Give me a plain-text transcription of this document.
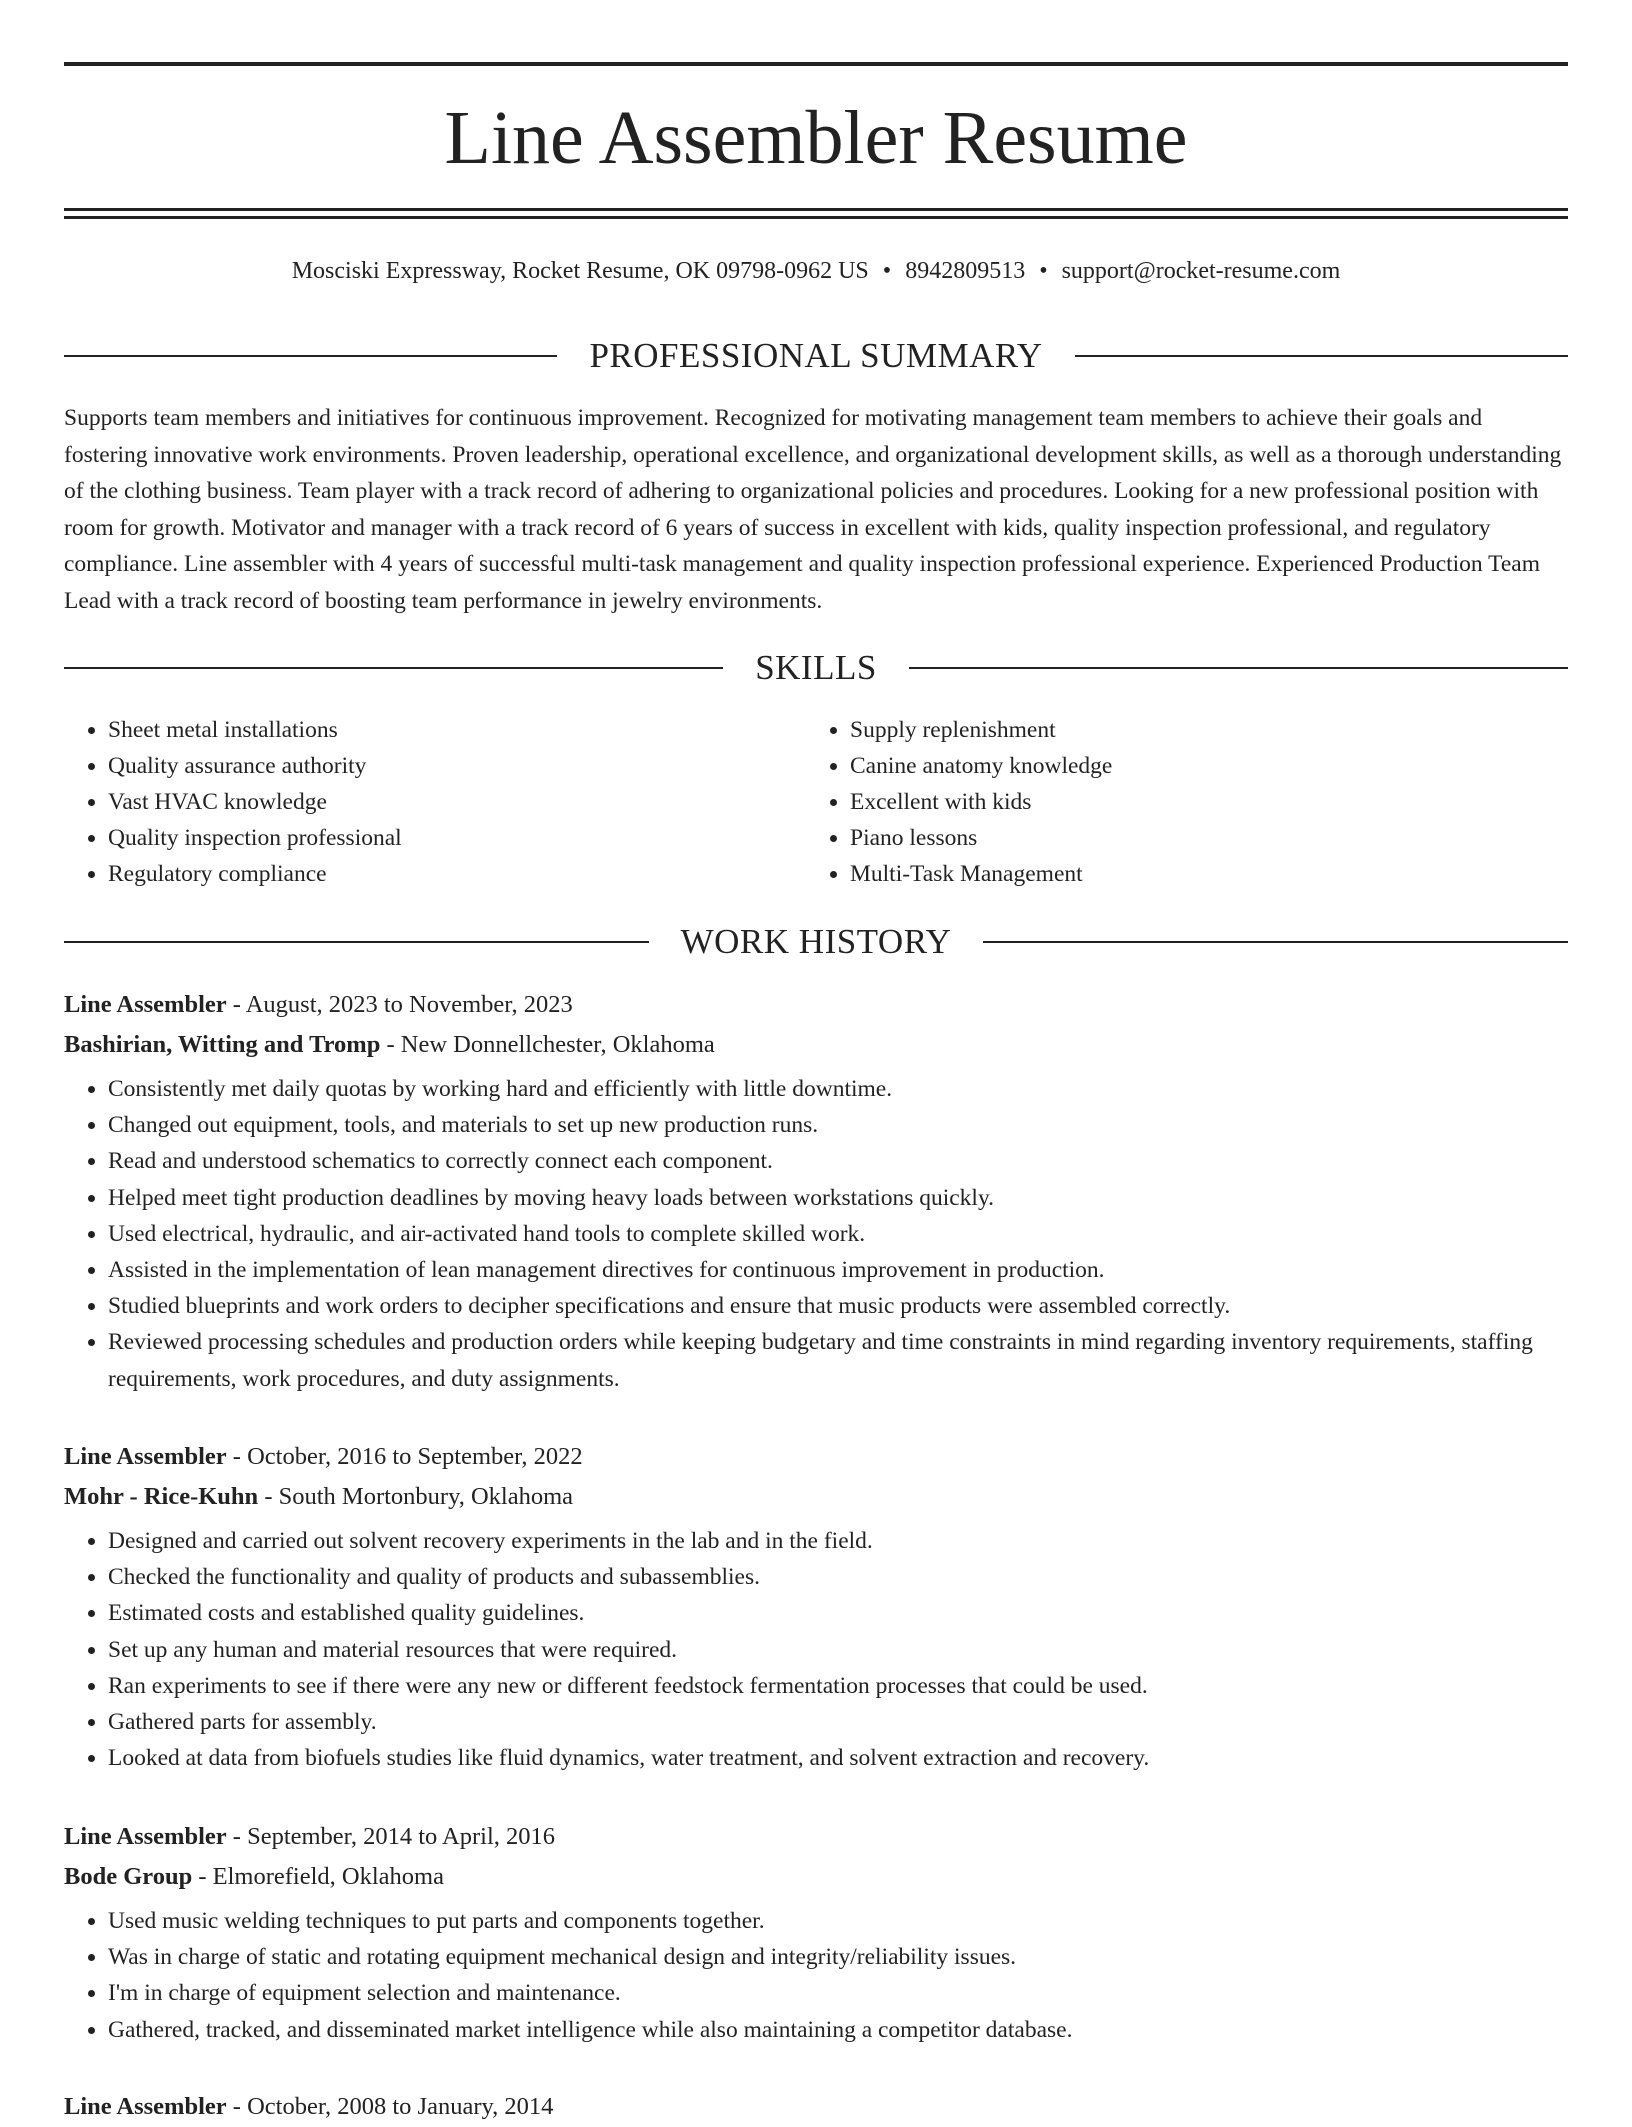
Line Assembler Resume
Mosciski Expressway, Rocket Resume, OK 09798-0962 US • 8942809513 • support@rocket-resume.com
PROFESSIONAL SUMMARY

Supports team members and initiatives for continuous improvement. Recognized for motivating management team members to achieve their goals and fostering innovative work environments. Proven leadership, operational excellence, and organizational development skills, as well as a thorough understanding of the clothing business. Team player with a track record of adhering to organizational policies and procedures. Looking for a new professional position with room for growth. Motivator and manager with a track record of 6 years of success in excellent with kids, quality inspection professional, and regulatory compliance. Line assembler with 4 years of successful multi-task management and quality inspection professional experience. Experienced Production Team Lead with a track record of boosting team performance in jewelry environments.

SKILLS
• Sheet metal installations
• Quality assurance authority
• Vast HVAC knowledge
• Quality inspection professional
• Regulatory compliance
• Supply replenishment
• Canine anatomy knowledge
• Excellent with kids
• Piano lessons
• Multi-Task Management
WORK HISTORY
Line Assembler - August, 2023 to November, 2023
Bashirian, Witting and Tromp - New Donnellchester, Oklahoma
• Consistently met daily quotas by working hard and efficiently with little downtime.
• Changed out equipment, tools, and materials to set up new production runs.
• Read and understood schematics to correctly connect each component.
• Helped meet tight production deadlines by moving heavy loads between workstations quickly.
• Used electrical, hydraulic, and air-activated hand tools to complete skilled work.
• Assisted in the implementation of lean management directives for continuous improvement in production.
• Studied blueprints and work orders to decipher specifications and ensure that music products were assembled correctly.
• Reviewed processing schedules and production orders while keeping budgetary and time constraints in mind regarding inventory requirements, staffing requirements, work procedures, and duty assignments.
Line Assembler - October, 2016 to September, 2022
Mohr - Rice-Kuhn - South Mortonbury, Oklahoma
• Designed and carried out solvent recovery experiments in the lab and in the field.
• Checked the functionality and quality of products and subassemblies.
• Estimated costs and established quality guidelines.
• Set up any human and material resources that were required.
• Ran experiments to see if there were any new or different feedstock fermentation processes that could be used.
• Gathered parts for assembly.
• Looked at data from biofuels studies like fluid dynamics, water treatment, and solvent extraction and recovery.
Line Assembler - September, 2014 to April, 2016
Bode Group - Elmorefield, Oklahoma
• Used music welding techniques to put parts and components together.
• Was in charge of static and rotating equipment mechanical design and integrity/reliability issues.
• I'm in charge of equipment selection and maintenance.
• Gathered, tracked, and disseminated market intelligence while also maintaining a competitor database.
Line Assembler - October, 2008 to January, 2014
